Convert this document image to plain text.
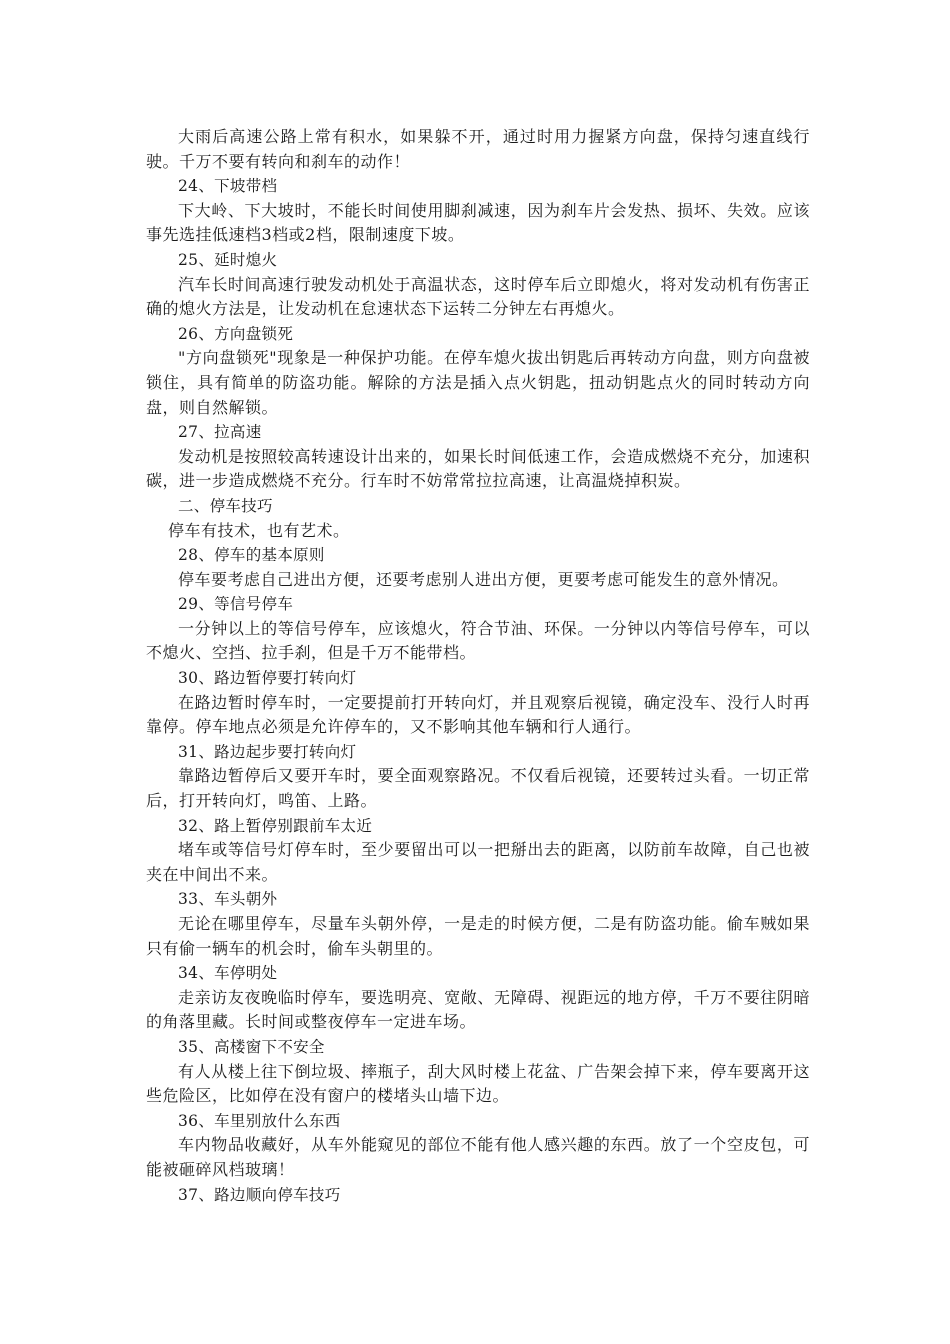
大雨后高速公路上常有积水，如果躲不开，通过时用力握紧方向盘，保持匀速直线行驶。千万不要有转向和刹车的动作！

24、下坡带档

下大岭、下大坡时，不能长时间使用脚刹减速，因为刹车片会发热、损坏、失效。应该事先选挂低速档3档或2档，限制速度下坡。

25、延时熄火

汽车长时间高速行驶发动机处于高温状态，这时停车后立即熄火，将对发动机有伤害正确的熄火方法是，让发动机在怠速状态下运转二分钟左右再熄火。

26、方向盘锁死

"方向盘锁死"现象是一种保护功能。在停车熄火拔出钥匙后再转动方向盘，则方向盘被锁住，具有简单的防盗功能。解除的方法是插入点火钥匙，扭动钥匙点火的同时转动方向盘，则自然解锁。

27、拉高速

发动机是按照较高转速设计出来的，如果长时间低速工作，会造成燃烧不充分，加速积碳，进一步造成燃烧不充分。行车时不妨常常拉拉高速，让高温烧掉积炭。

二、停车技巧

停车有技术，也有艺术。

28、停车的基本原则

停车要考虑自己进出方便，还要考虑别人进出方便，更要考虑可能发生的意外情况。

29、等信号停车

一分钟以上的等信号停车，应该熄火，符合节油、环保。一分钟以内等信号停车，可以不熄火、空挡、拉手刹，但是千万不能带档。

30、路边暂停要打转向灯

在路边暂时停车时，一定要提前打开转向灯，并且观察后视镜，确定没车、没行人时再靠停。停车地点必须是允许停车的，又不影响其他车辆和行人通行。

31、路边起步要打转向灯

靠路边暂停后又要开车时，要全面观察路况。不仅看后视镜，还要转过头看。一切正常后，打开转向灯，鸣笛、上路。

32、路上暂停别跟前车太近

堵车或等信号灯停车时，至少要留出可以一把掰出去的距离，以防前车故障，自己也被夹在中间出不来。

33、车头朝外

无论在哪里停车，尽量车头朝外停，一是走的时候方便，二是有防盗功能。偷车贼如果只有偷一辆车的机会时，偷车头朝里的。

34、车停明处

走亲访友夜晚临时停车，要选明亮、宽敞、无障碍、视距远的地方停，千万不要往阴暗的角落里藏。长时间或整夜停车一定进车场。

35、高楼窗下不安全

有人从楼上往下倒垃圾、摔瓶子，刮大风时楼上花盆、广告架会掉下来，停车要离开这些危险区，比如停在没有窗户的楼堵头山墙下边。

36、车里别放什么东西

车内物品收藏好，从车外能窥见的部位不能有他人感兴趣的东西。放了一个空皮包，可能被砸碎风档玻璃！

37、路边顺向停车技巧
